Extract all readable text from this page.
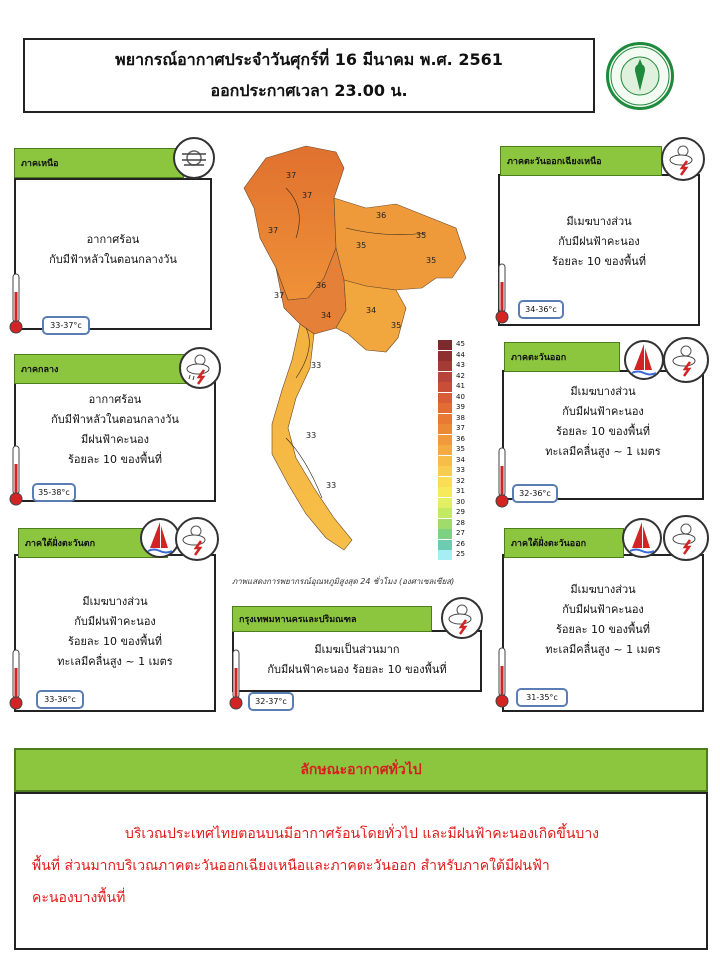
พยากรณ์อากาศประจำวันศุกร์ที่ 16 มีนาคม พ.ศ. 2561
ออกประกาศเวลา 23.00 น.
37
37
37
37
36
36
35
35
35
34
33
33
34
33
35
45
44
43
42
41
40
39
38
37
36
35
34
33
32
31
30
29
28
27
26
25
ภาพแสดงการพยากรณ์อุณหภูมิสูงสุด 24 ชั่วโมง (องศาเซลเซียส)
อากาศร้อน
กับมีฟ้าหลัวในตอนกลางวัน
ภาคเหนือ
33-37°c
อากาศร้อน
กับมีฟ้าหลัวในตอนกลางวัน
มีฝนฟ้าคะนอง
ร้อยละ 10 ของพื้นที่
ภาคกลาง
35-38°c
มีเมฆบางส่วน
กับมีฝนฟ้าคะนอง
ร้อยละ 10 ของพื้นที่
ทะเลมีคลื่นสูง ~ 1 เมตร
ภาคใต้ฝั่งตะวันตก
33-36°c
มีเมฆเป็นส่วนมาก
กับมีฝนฟ้าคะนอง ร้อยละ 10 ของพื้นที่
กรุงเทพมหานครและปริมณฑล
32-37°c
มีเมฆบางส่วน
กับมีฝนฟ้าคะนอง
ร้อยละ 10 ของพื้นที่
ภาคตะวันออกเฉียงเหนือ
34-36°c
มีเมฆบางส่วน
กับมีฝนฟ้าคะนอง
ร้อยละ 10 ของพื้นที่
ทะเลมีคลื่นสูง ~ 1 เมตร
ภาคตะวันออก
32-36°c
มีเมฆบางส่วน
กับมีฝนฟ้าคะนอง
ร้อยละ 10 ของพื้นที่
ทะเลมีคลื่นสูง ~ 1 เมตร
ภาคใต้ฝั่งตะวันออก
31-35°c
ลักษณะอากาศทั่วไป
บริเวณประเทศไทยตอนบนมีอากาศร้อนโดยทั่วไป และมีฝนฟ้าคะนองเกิดขึ้นบาง
พื้นที่ ส่วนมากบริเวณภาคตะวันออกเฉียงเหนือและภาคตะวันออก สำหรับภาคใต้มีฝนฟ้า
คะนองบางพื้นที่
